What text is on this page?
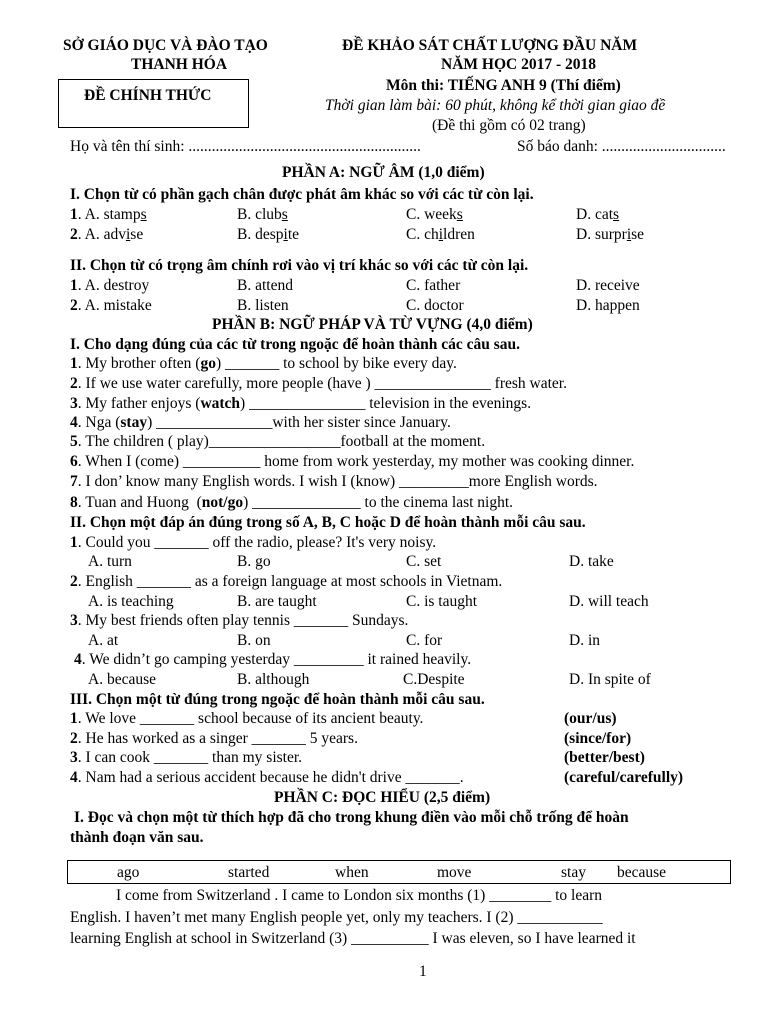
SỞ GIÁO DỤC VÀ ĐÀO TẠO
THANH HÓA
ĐỀ CHÍNH THỨC
ĐỀ KHẢO SÁT CHẤT LƯỢNG ĐẦU NĂM
NĂM HỌC 2017 - 2018
Môn thi: TIẾNG ANH 9 (Thí điểm)
Thời gian làm bài: 60 phút, không kể thời gian giao đề
(Đề thi gồm có 02 trang)
Họ và tên thí sinh: ............................................................	Số báo danh: ................................
PHẦN A: NGỮ ÂM (1,0 điểm)
I. Chọn từ có phần gạch chân được phát âm khác so với các từ còn lại.
1. A. stamps	B. clubs	C. weeks	D. cats
2. A. advise	B. despite	C. children	D. surprise
II. Chọn từ có trọng âm chính rơi vào vị trí khác so với các từ còn lại.
1. A. destroy	B. attend	C. father	D. receive
2. A. mistake	B. listen	C. doctor	D. happen
PHẦN B: NGỮ PHÁP VÀ TỪ VỰNG (4,0 điểm)
I. Cho dạng đúng của các từ trong ngoặc để hoàn thành các câu sau.
1. My brother often (go) _______ to school by bike every day.
2. If we use water carefully, more people (have ) _______________ fresh water.
3. My father enjoys (watch) _______________ television in the evenings.
4. Nga (stay) _______________with her sister since January.
5. The children ( play)_________________football at the moment.
6. When I (come) __________ home from work yesterday, my mother was cooking dinner.
7. I don’ know many English words. I wish I (know) _________more English words.
8. Tuan and Huong  (not/go) ______________ to the cinema last night.
II. Chọn một đáp án đúng trong số A, B, C hoặc D để hoàn thành mỗi câu sau.
1. Could you _______ off the radio, please? It's very noisy.
A. turn	B. go	C. set	D. take
2. English _______ as a foreign language at most schools in Vietnam.
A. is teaching	B. are taught	C. is taught	D. will teach
3. My best friends often play tennis _______ Sundays.
A. at	B. on	C. for	D. in
4. We didn’t go camping yesterday _________ it rained heavily.
A. because	B. although	C.Despite	D. In spite of
III. Chọn một từ đúng trong ngoặc để hoàn thành mỗi câu sau.
1. We love _______ school because of its ancient beauty.	(our/us)
2. He has worked as a singer _______ 5 years.	(since/for)
3. I can cook _______ than my sister.	(better/best)
4. Nam had a serious accident because he didn't drive _______.	(careful/carefully)
PHẦN C: ĐỌC HIỂU (2,5 điểm)
I. Đọc và chọn một từ thích hợp đã cho trong khung điền vào mỗi chỗ trống để hoàn
thành đoạn văn sau.
ago	started	when	move	stay because
I come from Switzerland . I came to London six months (1) ________ to learn
English. I haven’t met many English people yet, only my teachers. I (2) ___________
learning English at school in Switzerland (3) __________ I was eleven, so I have learned it
1
